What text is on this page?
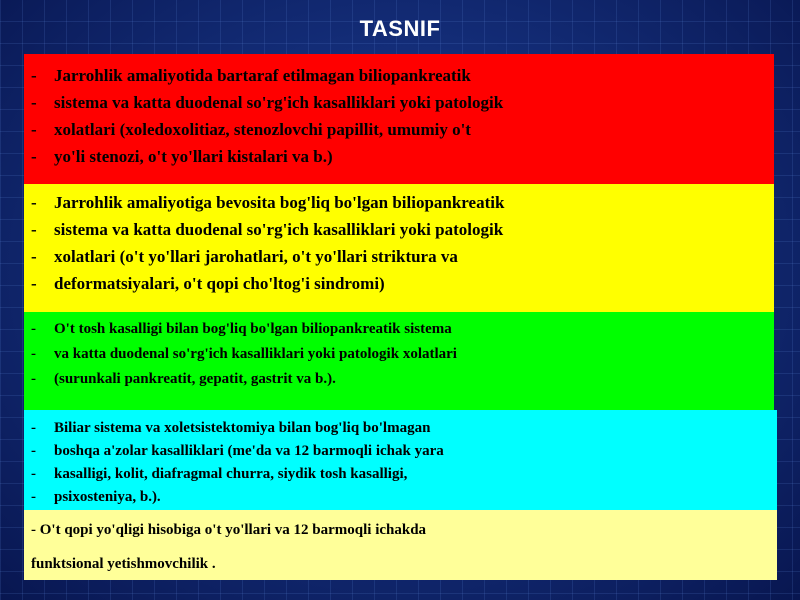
TASNIF
- Jarrohlik amaliyotida bartaraf etilmagan biliopankreatik
- sistema va katta duodenal so'rg'ich kasalliklari yoki patologik
- xolatlari (xoledoxolitiaz, stenozlovchi papillit, umumiy o't
- yo'li stenozi, o't yo'llari kistalari va b.)
- Jarrohlik amaliyotiga bevosita bog'liq bo'lgan biliopankreatik
- sistema va katta duodenal so'rg'ich kasalliklari yoki patologik
- xolatlari (o't yo'llari jarohatlari, o't yo'llari striktura va
- deformatsiyalari, o't qopi cho'ltog'i sindromi)
- O't tosh kasalligi bilan bog'liq bo'lgan biliopankreatik sistema
- va katta duodenal so'rg'ich kasalliklari yoki patologik xolatlari
- (surunkali pankreatit, gepatit, gastrit va b.).
- Biliar sistema va xoletsistektomiya bilan bog'liq bo'lmagan
- boshqa a'zolar kasalliklari (me'da va 12 barmoqli ichak yara
- kasalligi, kolit, diafragmal churra, siydik tosh kasalligi,
- psixosteniya, b.).

- O't qopi yo'qligi hisobiga o't yo'llari va 12 barmoqli ichakda

funktsional yetishmovchilik .
